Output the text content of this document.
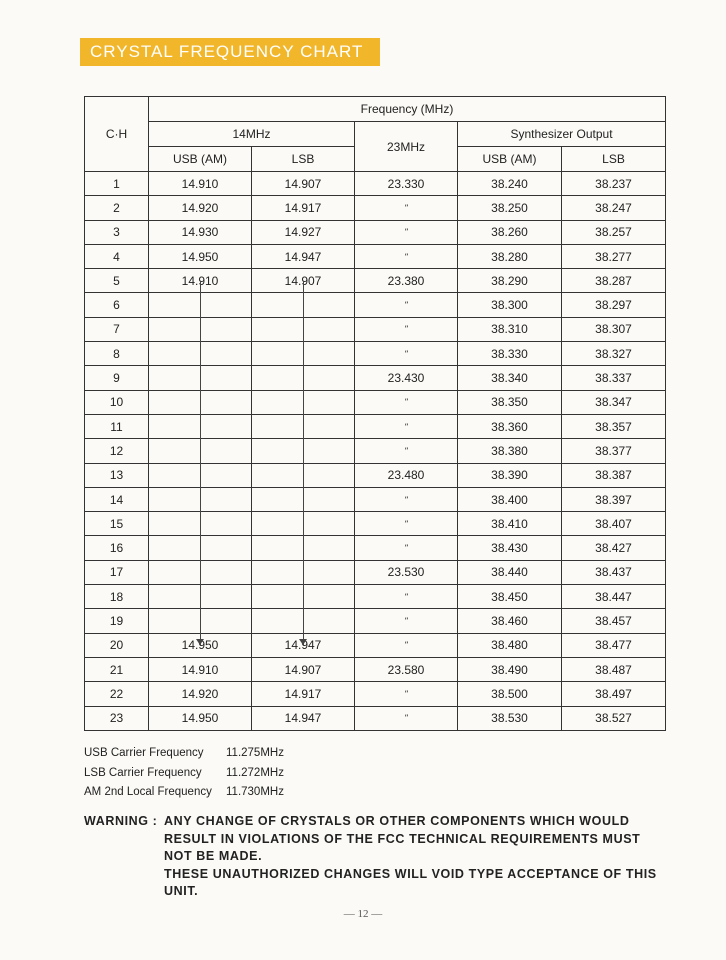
CRYSTAL FREQUENCY CHART
C·H	Frequency (MHz)				
	14MHz		23MHz	Synthesizer Output	
	USB (AM)	LSB		USB (AM)	LSB
1	14.910	14.907	23.330	38.240	38.237
2	14.920	14.917	"	38.250	38.247
3	14.930	14.927	"	38.260	38.257
4	14.950	14.947	"	38.280	38.277
5	14.910	14.907	23.380	38.290	38.287
6			"	38.300	38.297
7			"	38.310	38.307
8			"	38.330	38.327
9			23.430	38.340	38.337
10			"	38.350	38.347
11			"	38.360	38.357
12			"	38.380	38.377
13			23.480	38.390	38.387
14			"	38.400	38.397
15			"	38.410	38.407
16			"	38.430	38.427
17			23.530	38.440	38.437
18			"	38.450	38.447
19			"	38.460	38.457
20	14.950	14.947	"	38.480	38.477
21	14.910	14.907	23.580	38.490	38.487
22	14.920	14.917	"	38.500	38.497
23	14.950	14.947	"	38.530	38.527
USB Carrier Frequency 11.275MHz
LSB Carrier Frequency 11.272MHz
AM 2nd Local Frequency 11.730MHz
WARNING : ANY CHANGE OF CRYSTALS OR OTHER COMPONENTS WHICH WOULD RESULT IN VIOLATIONS OF THE FCC TECHNICAL REQUIREMENTS MUST NOT BE MADE.

THESE UNAUTHORIZED CHANGES WILL VOID TYPE ACCEPTANCE OF THIS UNIT.

— 12 —
